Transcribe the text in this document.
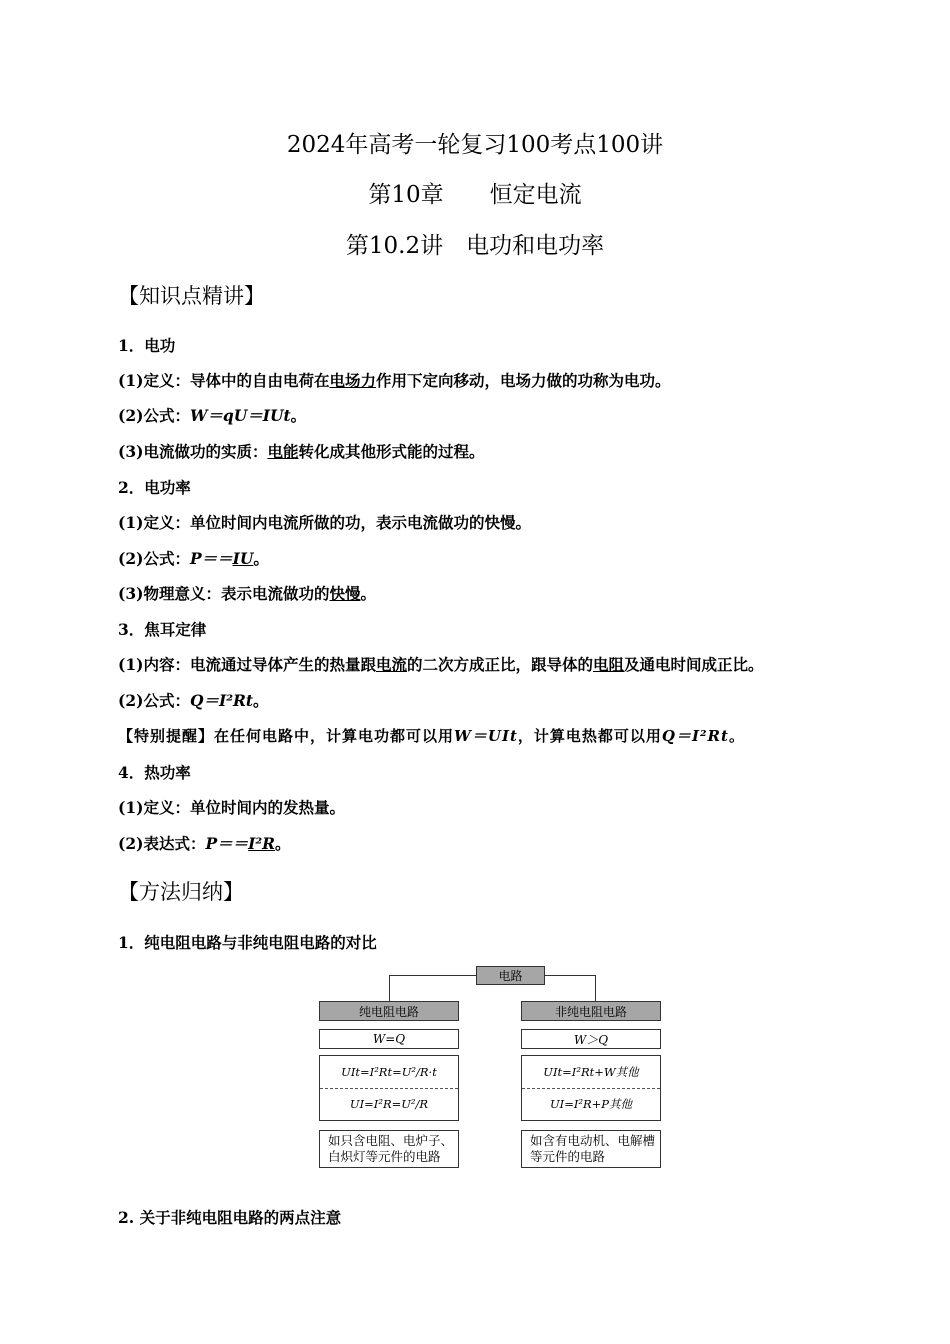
2024年高考一轮复习100考点100讲
第10章　　恒定电流
第10.2讲　电功和电功率
【知识点精讲】
1．电功
(1)定义：导体中的自由电荷在电场力作用下定向移动，电场力做的功称为电功。
(2)公式：W＝qU＝IUt。
(3)电流做功的实质：电能转化成其他形式能的过程。
2．电功率
(1)定义：单位时间内电流所做的功，表示电流做功的快慢。
(2)公式：P＝＝IU。
(3)物理意义：表示电流做功的快慢。
3．焦耳定律
(1)内容：电流通过导体产生的热量跟电流的二次方成正比，跟导体的电阻及通电时间成正比。
(2)公式：Q＝I²Rt。
【特别提醒】在任何电路中，计算电功都可以用W＝UIt，计算电热都可以用Q＝I²Rt。
4．热功率
(1)定义：单位时间内的发热量。
(2)表达式：P＝＝I²R。
【方法归纳】
1．纯电阻电路与非纯电阻电路的对比
电路
纯电阻电路
W=Q
UIt=I²Rt=U²/R·t
UI=I²R=U²/R
如只含电阻、电炉子、
白炽灯等元件的电路
非纯电阻电路
W＞Q
UIt=I²Rt+W其他
UI=I²R+P其他
如含有电动机、电解槽
等元件的电路
2. 关于非纯电阻电路的两点注意
